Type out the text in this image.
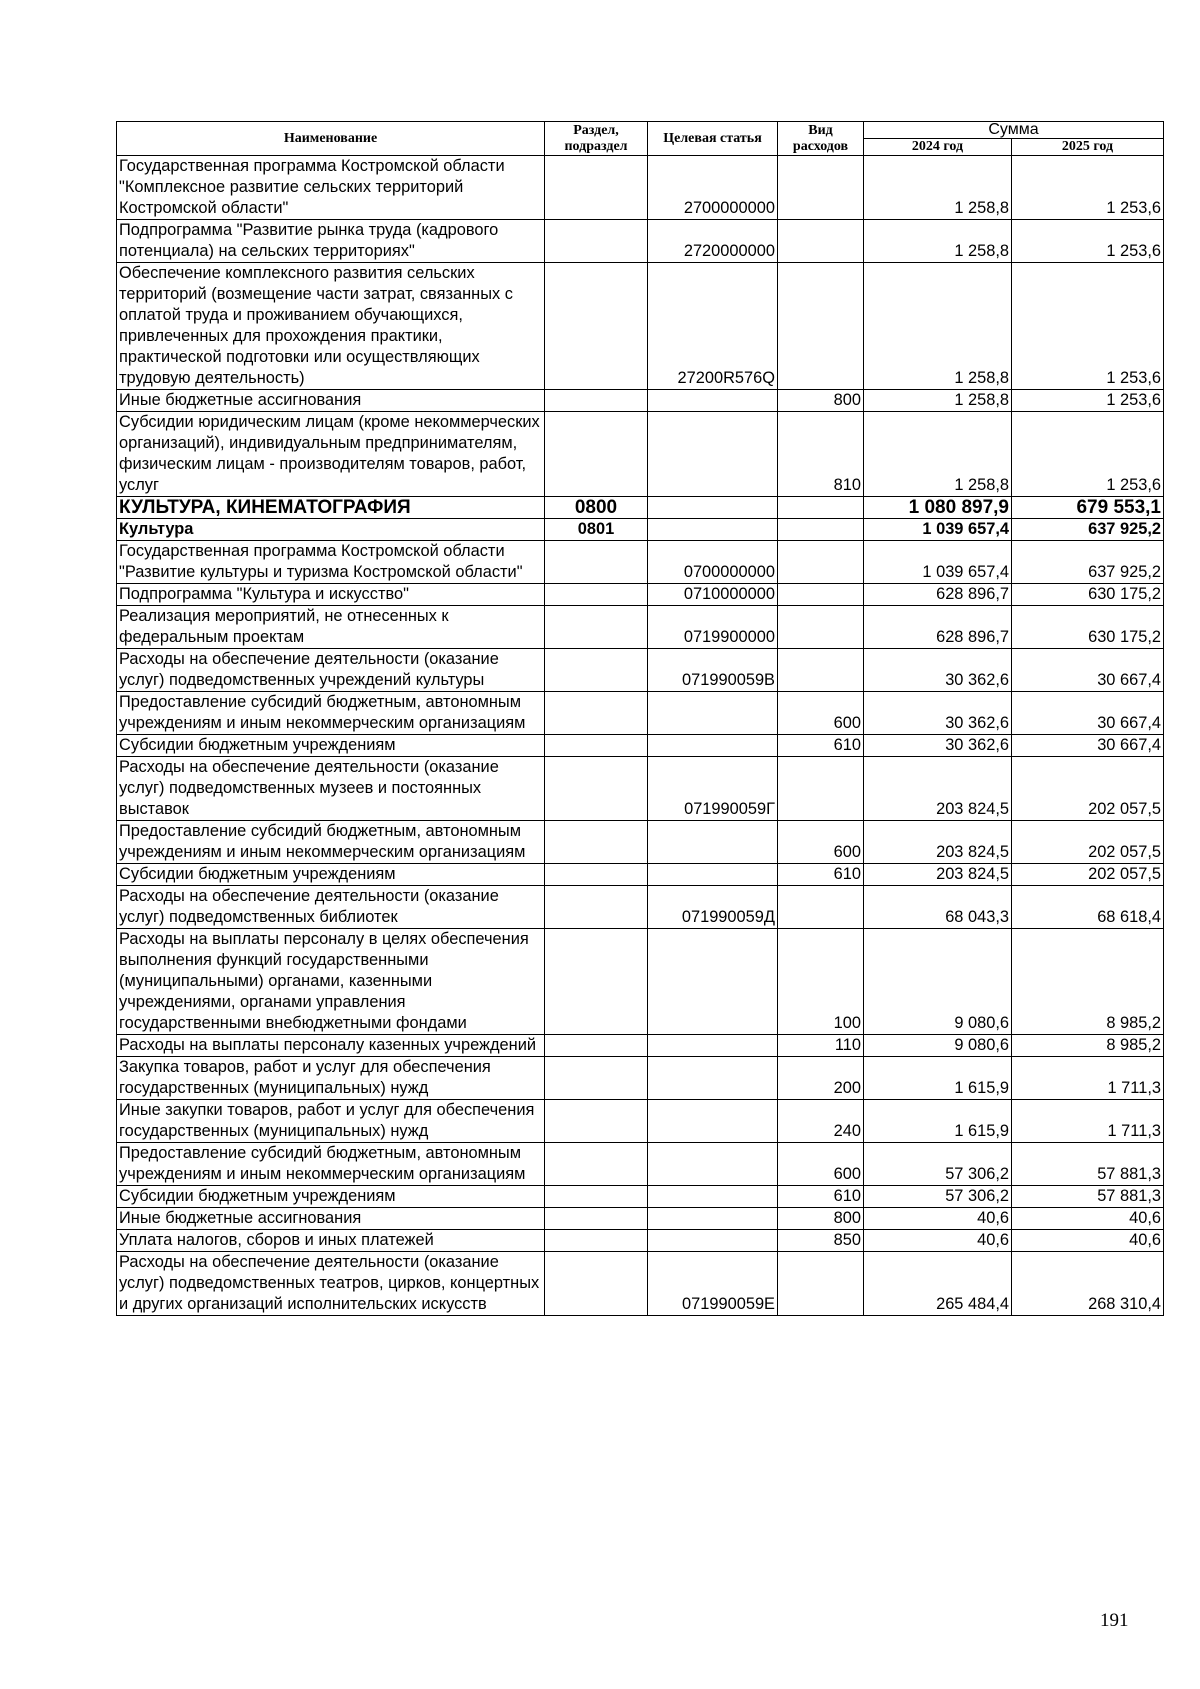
Наименование	Раздел, подраздел	Целевая статья	Вид расходов	Сумма	
				2024 год	2025 год
Государственная программа Костромской области "Комплексное развитие сельских территорий Костромской области"		2700000000		1 258,8	1 253,6
Подпрограмма "Развитие рынка труда (кадрового потенциала) на сельских территориях"		2720000000		1 258,8	1 253,6
Обеспечение комплексного развития сельских территорий (возмещение части затрат, связанных с оплатой труда и проживанием обучающихся, привлеченных для прохождения практики, практической подготовки или осуществляющих трудовую деятельность)		27200R576Q		1 258,8	1 253,6
Иные бюджетные ассигнования			800	1 258,8	1 253,6
Субсидии юридическим лицам (кроме некоммерческих организаций), индивидуальным предпринимателям, физическим лицам - производителям товаров, работ, услуг			810	1 258,8	1 253,6
КУЛЬТУРА, КИНЕМАТОГРАФИЯ	0800			1 080 897,9	679 553,1
Культура	0801			1 039 657,4	637 925,2
Государственная программа Костромской области "Развитие культуры и туризма Костромской области"		0700000000		1 039 657,4	637 925,2
Подпрограмма "Культура и искусство"		0710000000		628 896,7	630 175,2
Реализация мероприятий, не отнесенных к федеральным проектам		0719900000		628 896,7	630 175,2
Расходы на обеспечение деятельности (оказание услуг) подведомственных учреждений культуры		071990059В		30 362,6	30 667,4
Предоставление субсидий бюджетным, автономным учреждениям и иным некоммерческим организациям			600	30 362,6	30 667,4
Субсидии бюджетным учреждениям			610	30 362,6	30 667,4
Расходы на обеспечение деятельности (оказание услуг) подведомственных музеев и постоянных выставок		071990059Г		203 824,5	202 057,5
Предоставление субсидий бюджетным, автономным учреждениям и иным некоммерческим организациям			600	203 824,5	202 057,5
Субсидии бюджетным учреждениям			610	203 824,5	202 057,5
Расходы на обеспечение деятельности (оказание услуг) подведомственных библиотек		071990059Д		68 043,3	68 618,4
Расходы на выплаты персоналу в целях обеспечения выполнения функций государственными (муниципальными) органами, казенными учреждениями, органами управления государственными внебюджетными фондами			100	9 080,6	8 985,2
Расходы на выплаты персоналу казенных учреждений			110	9 080,6	8 985,2
Закупка товаров, работ и услуг для обеспечения государственных (муниципальных) нужд			200	1 615,9	1 711,3
Иные закупки товаров, работ и услуг для обеспечения государственных (муниципальных) нужд			240	1 615,9	1 711,3
Предоставление субсидий бюджетным, автономным учреждениям и иным некоммерческим организациям			600	57 306,2	57 881,3
Субсидии бюджетным учреждениям			610	57 306,2	57 881,3
Иные бюджетные ассигнования			800	40,6	40,6
Уплата налогов, сборов и иных платежей			850	40,6	40,6
Расходы на обеспечение деятельности (оказание услуг) подведомственных театров, цирков, концертных и других организаций исполнительских искусств		071990059Е		265 484,4	268 310,4
191
